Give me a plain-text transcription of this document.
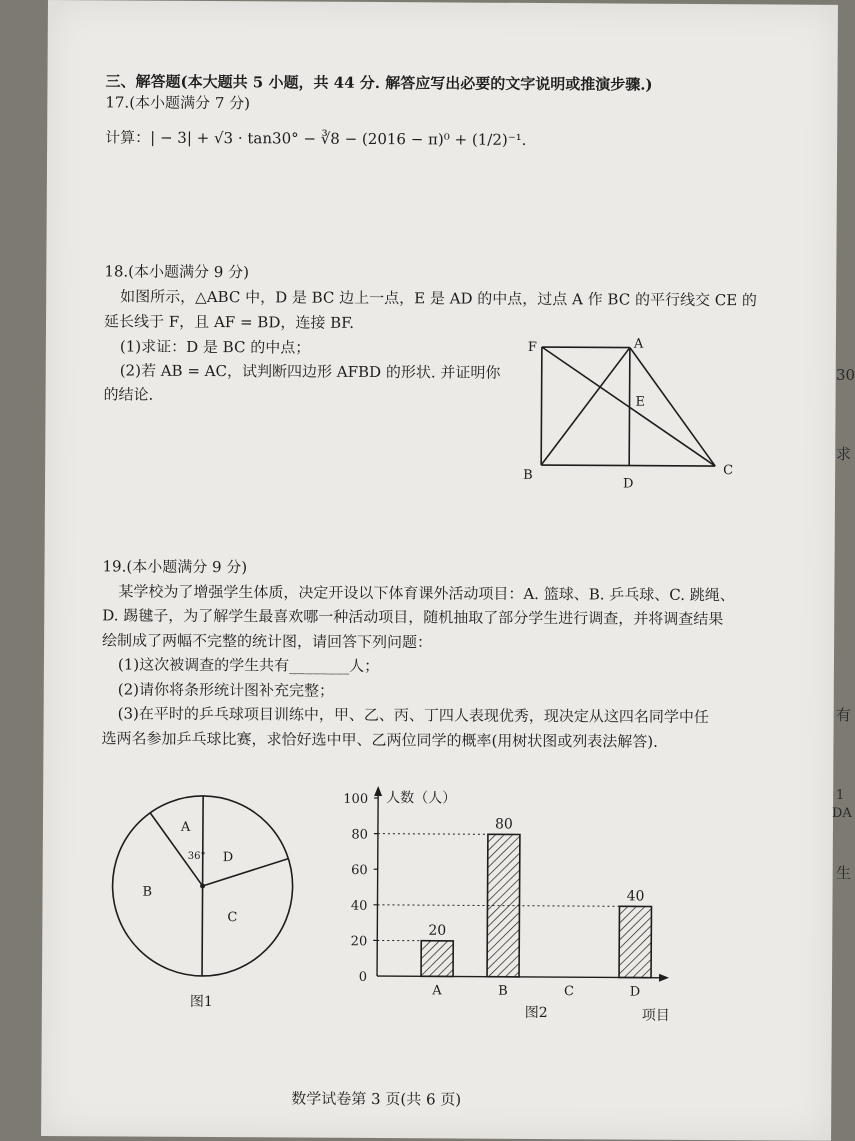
三、解答题(本大题共 5 小题，共 44 分. 解答应写出必要的文字说明或推演步骤.)
17.(本小题满分 7 分)
计算：| − 3| + √3 · tan30° − ∛8 − (2016 − π)⁰ + (1/2)⁻¹.
18.(本小题满分 9 分)
如图所示，△ABC 中，D 是 BC 边上一点，E 是 AD 的中点，过点 A 作 BC 的平行线交 CE 的
延长线于 F，且 AF = BD，连接 BF.
(1)求证：D 是 BC 的中点；
(2)若 AB = AC，试判断四边形 AFBD 的形状. 并证明你
的结论.
F	A
E
B
D
C
19.(本小题满分 9 分)
某学校为了增强学生体质，决定开设以下体育课外活动项目：A. 篮球、B. 乒乓球、C. 跳绳、
D. 踢毽子，为了解学生最喜欢哪一种活动项目，随机抽取了部分学生进行调查，并将调查结果
绘制成了两幅不完整的统计图，请回答下列问题：
(1)这次被调查的学生共有________人；
(2)请你将条形统计图补充完整；
(3)在平时的乒乓球项目训练中，甲、乙、丙、丁四人表现优秀，现决定从这四名同学中任
选两名参加乒乓球比赛，求恰好选中甲、乙两位同学的概率(用树状图或列表法解答).
A
36° D
B
C
图1
人数（人）
项目
图2
0
20
40
60
80
100
A
20
B
80
C	D
40
数学试卷第 3 页(共 6 页)
30
求
有
1
DA
生
